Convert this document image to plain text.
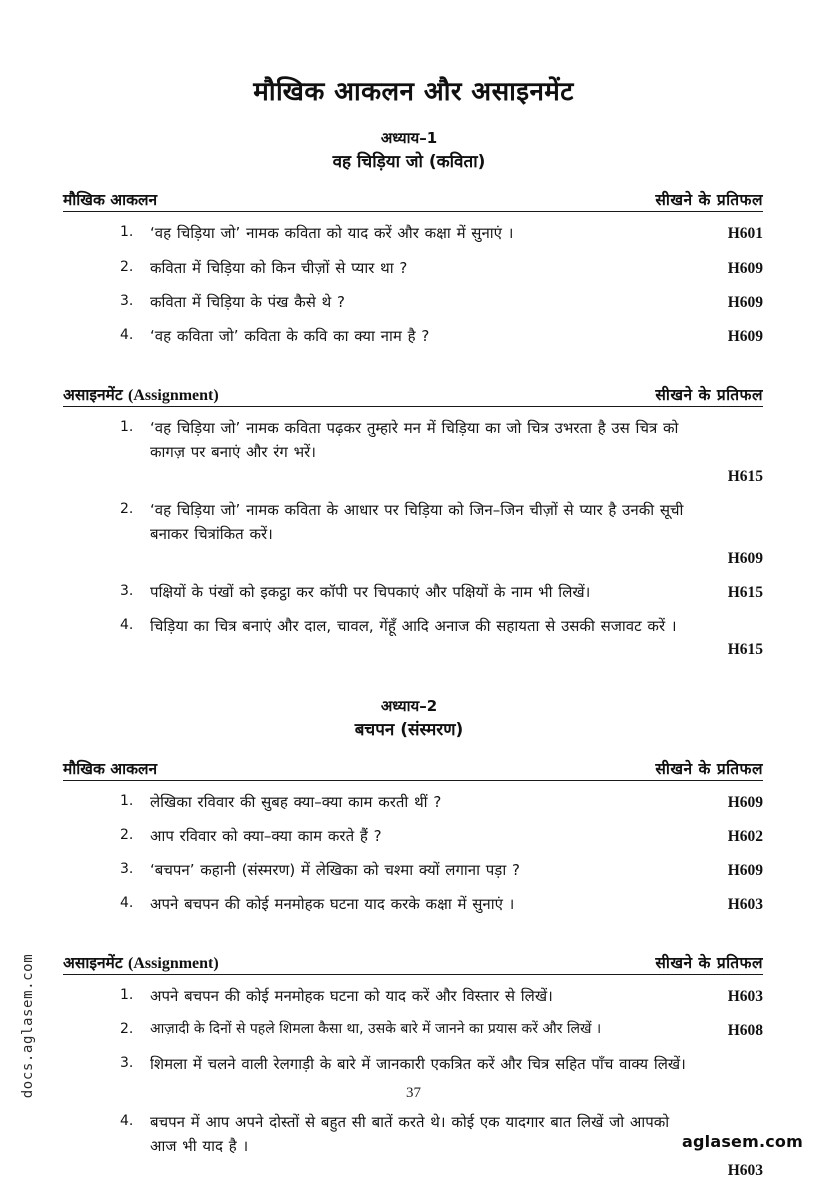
मौखिक आकलन और असाइनमेंट
अध्याय–1
वह चिड़िया जो (कविता)
मौखिक आकलन	सीखने के प्रतिफल
1.	‘वह चिड़िया जो’ नामक कविता को याद करें और कक्षा में सुनाएं ।	H601
2.	कविता में चिड़िया को किन चीज़ों से प्यार था ?	H609
3.	कविता में चिड़िया के पंख कैसे थे ?	H609
4.	‘वह कविता जो’ कविता के कवि का क्या नाम है ?	H609
असाइनमेंट (Assignment)	सीखने के प्रतिफल
1.	‘वह चिड़िया जो’ नामक कविता पढ़कर तुम्हारे मन में चिड़िया का जो चित्र उभरता है उस चित्र को कागज़ पर बनाएं और रंग भरें।
H615
2.	‘वह चिड़िया जो’ नामक कविता के आधार पर चिड़िया को जिन–जिन चीज़ों से प्यार है उनकी सूची बनाकर चित्रांकित करें।
H609
3.	पक्षियों के पंखों को इकट्ठा कर कॉपी पर चिपकाएं और पक्षियों के नाम भी लिखें।	H615
4.	चिड़िया का चित्र बनाएं और दाल, चावल, गेंहूँ आदि अनाज की सहायता से उसकी सजावट करें ।
H615
अध्याय–2
बचपन (संस्मरण)
मौखिक आकलन	सीखने के प्रतिफल
1.	लेखिका रविवार की सुबह क्या–क्या काम करती थीं ?	H609
2.	आप रविवार को क्या–क्या काम करते हैं ?	H602
3.	‘बचपन’ कहानी (संस्मरण) में लेखिका को चश्मा क्यों लगाना पड़ा ?	H609
4.	अपने बचपन की कोई मनमोहक घटना याद करके कक्षा में सुनाएं ।	H603
असाइनमेंट (Assignment)	सीखने के प्रतिफल
1.	अपने बचपन की कोई मनमोहक घटना को याद करें और विस्तार से लिखें।	H603
2.	आज़ादी के दिनों से पहले शिमला कैसा था, उसके बारे में जानने का प्रयास करें और लिखें ।	H608
3.	शिमला में चलने वाली रेलगाड़ी के बारे में जानकारी एकत्रित करें और चित्र सहित पाँच वाक्य लिखें।
4.	बचपन में आप अपने दोस्तों से बहुत सी बातें करते थे। कोई एक यादगार बात लिखें जो आपको आज भी याद है ।
H603
37
docs.aglasem.com
aglasem.com
